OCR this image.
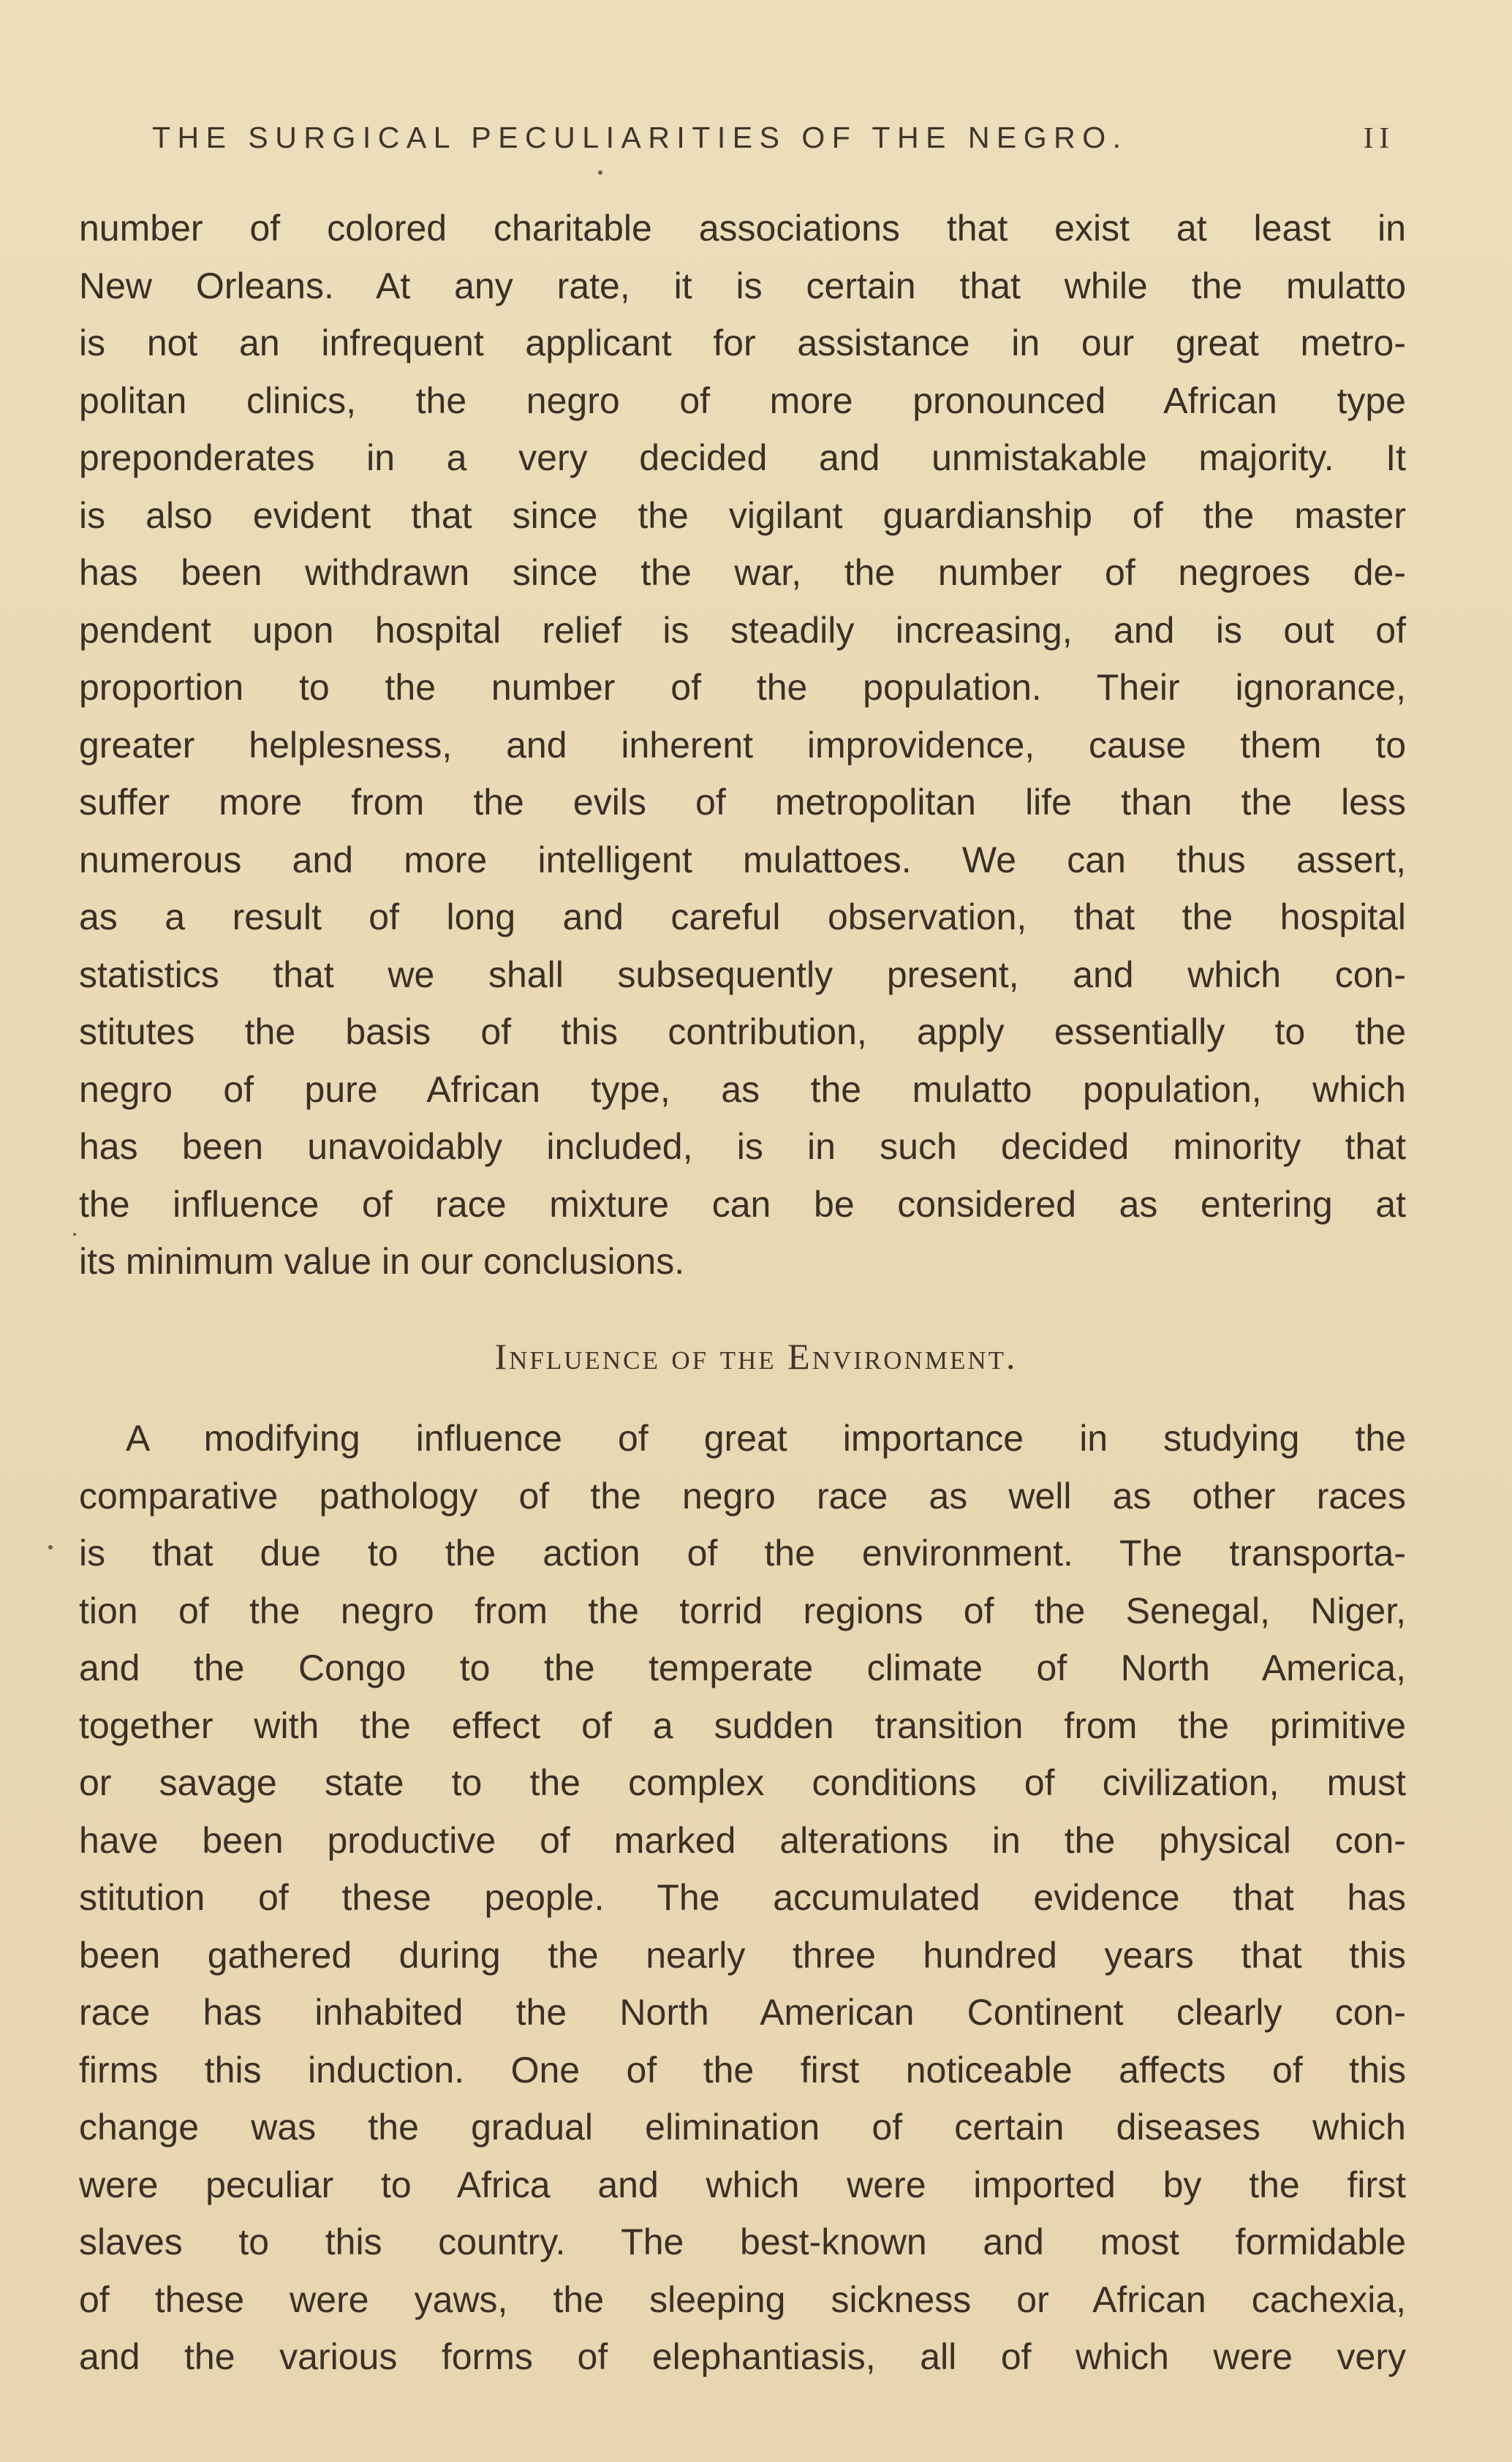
THE SURGICAL PECULIARITIES OF THE NEGRO.	II
number of colored charitable associations that exist at least in
New Orleans. At any rate, it is certain that while the mulatto
is not an infrequent applicant for assistance in our great metro-
politan clinics, the negro of more pronounced African type
preponderates in a very decided and unmistakable majority. It
is also evident that since the vigilant guardianship of the master
has been withdrawn since the war, the number of negroes de-
pendent upon hospital relief is steadily increasing, and is out of
proportion to the number of the population. Their ignorance,
greater helplesness, and inherent improvidence, cause them to
suffer more from the evils of metropolitan life than the less
numerous and more intelligent mulattoes. We can thus assert,
as a result of long and careful observation, that the hospital
statistics that we shall subsequently present, and which con-
stitutes the basis of this contribution, apply essentially to the
negro of pure African type, as the mulatto population, which
has been unavoidably included, is in such decided minority that
the influence of race mixture can be considered as entering at
its minimum value in our conclusions.
Influence of the Environment.
A modifying influence of great importance in studying the
comparative pathology of the negro race as well as other races
is that due to the action of the environment. The transporta-
tion of the negro from the torrid regions of the Senegal, Niger,
and the Congo to the temperate climate of North America,
together with the effect of a sudden transition from the primitive
or savage state to the complex conditions of civilization, must
have been productive of marked alterations in the physical con-
stitution of these people. The accumulated evidence that has
been gathered during the nearly three hundred years that this
race has inhabited the North American Continent clearly con-
firms this induction. One of the first noticeable affects of this
change was the gradual elimination of certain diseases which
were peculiar to Africa and which were imported by the first
slaves to this country. The best-known and most formidable
of these were yaws, the sleeping sickness or African cachexia,
and the various forms of elephantiasis, all of which were very
